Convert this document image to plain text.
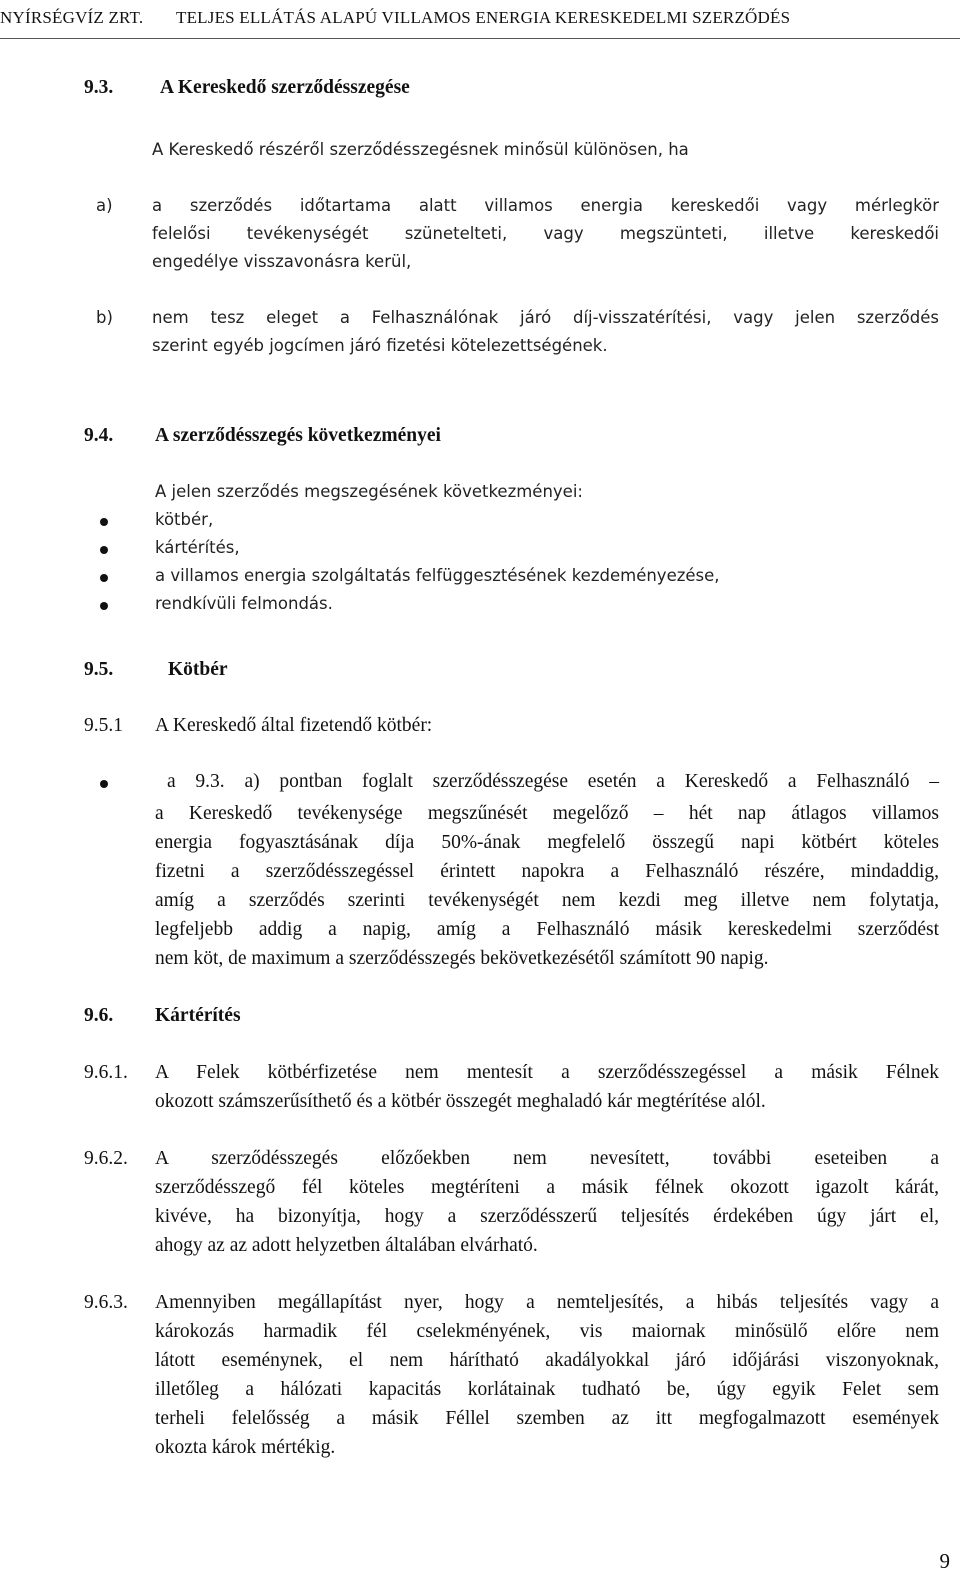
NYÍRSÉGVÍZ ZRT. TELJES ELLÁTÁS ALAPÚ VILLAMOS ENERGIA KERESKEDELMI SZERZŐDÉS
9.3. A Kereskedő szerződésszegése
A Kereskedő részéről szerződésszegésnek minősül különösen, ha
a) a szerződés időtartama alatt villamos energia kereskedői vagy mérlegkör
felelősi tevékenységét szünetelteti, vagy megszünteti, illetve kereskedői
engedélye visszavonásra kerül,
b) nem tesz eleget a Felhasználónak járó díj-visszatérítési, vagy jelen szerződés
szerint egyéb jogcímen járó fizetési kötelezettségének.
9.4. A szerződésszegés következményei
A jelen szerződés megszegésének következményei:
kötbér,
kártérítés,
a villamos energia szolgáltatás felfüggesztésének kezdeményezése,
rendkívüli felmondás.
9.5.	Kötbér
9.5.1 A Kereskedő által fizetendő kötbér:
a 9.3. a) pontban foglalt szerződésszegése esetén a Kereskedő a Felhasználó –
a Kereskedő tevékenysége megszűnését megelőző – hét nap átlagos villamos
energia fogyasztásának díja 50%-ának megfelelő összegű napi kötbért köteles
fizetni a szerződésszegéssel érintett napokra a Felhasználó részére, mindaddig,
amíg a szerződés szerinti tevékenységét nem kezdi meg illetve nem folytatja,
legfeljebb addig a napig, amíg a Felhasználó másik kereskedelmi szerződést
nem köt, de maximum a szerződésszegés bekövetkezésétől számított 90 napig.
9.6. Kártérítés
9.6.1. A Felek kötbérfizetése nem mentesít a szerződésszegéssel a másik Félnek
okozott számszerűsíthető és a kötbér összegét meghaladó kár megtérítése alól.
9.6.2. A szerződésszegés előzőekben nem nevesített, további eseteiben a
szerződésszegő fél köteles megtéríteni a másik félnek okozott igazolt kárát,
kivéve, ha bizonyítja, hogy a szerződésszerű teljesítés érdekében úgy járt el,
ahogy az az adott helyzetben általában elvárható.
9.6.3. Amennyiben megállapítást nyer, hogy a nemteljesítés, a hibás teljesítés vagy a
károkozás harmadik fél cselekményének, vis maiornak minősülő előre nem
látott eseménynek, el nem hárítható akadályokkal járó időjárási viszonyoknak,
illetőleg a hálózati kapacitás korlátainak tudható be, úgy egyik Felet sem
terheli felelősség a másik Féllel szemben az itt megfogalmazott események
okozta károk mértékig.
9
